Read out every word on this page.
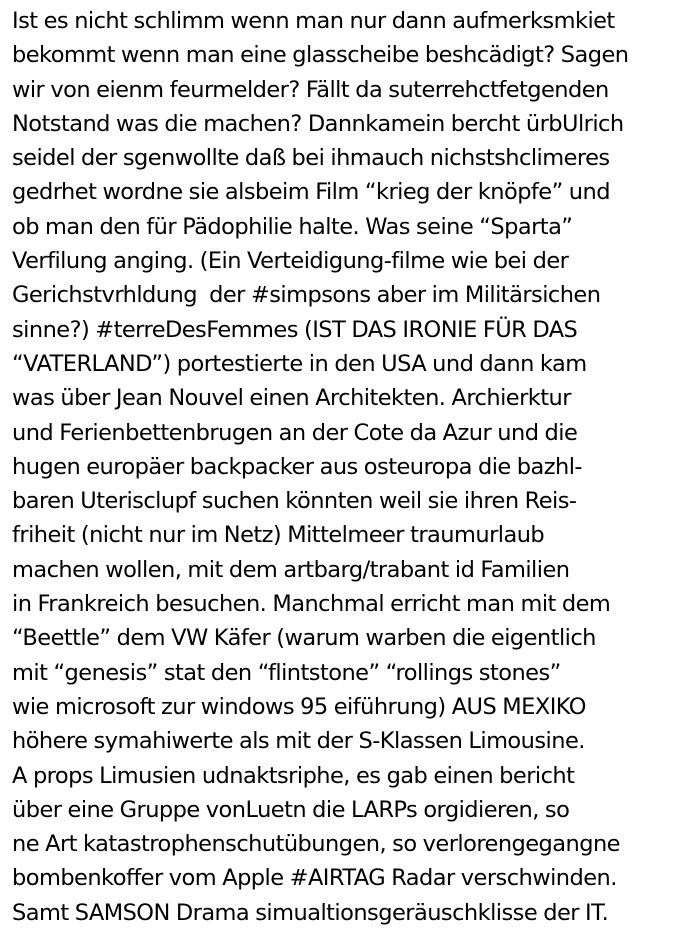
Ist es nicht schlimm wenn man nur dann aufmerksmkiet
bekommt wenn man eine glasscheibe beshcädigt? Sagen
wir von eienm feurmelder? Fällt da suterrehctfetgenden
Notstand was die machen? Dannkamein bercht ürbUlrich
seidel der sgenwollte daß bei ihmauch nichstshclimeres
gedrhet wordne sie alsbeim Film “krieg der knöpfe” und
ob man den für Pädophilie halte. Was seine “Sparta”
Verfilung anging. (Ein Verteidigung-filme wie bei der
Gerichstvrhldung  der #simpsons aber im Militärsichen
sinne?) #terreDesFemmes (IST DAS IRONIE FÜR DAS
“VATERLAND”) portestierte in den USA und dann kam
was über Jean Nouvel einen Architekten. Archierktur
und Ferienbettenbrugen an der Cote da Azur und die
hugen europäer backpacker aus osteuropa die bazhl-
baren Uterisclupf suchen könnten weil sie ihren Reis-
friheit (nicht nur im Netz) Mittelmeer traumurlaub
machen wollen, mit dem artbarg/trabant id Familien
in Frankreich besuchen. Manchmal erricht man mit dem
“Beettle” dem VW Käfer (warum warben die eigentlich
mit “genesis” stat den “flintstone” “rollings stones”
wie microsoft zur windows 95 eiführung) AUS MEXIKO
höhere symahiwerte als mit der S-Klassen Limousine.
A props Limusien udnaktsriphe, es gab einen bericht
über eine Gruppe vonLuetn die LARPs orgidieren, so
ne Art katastrophenschutübungen, so verlorengegangne
bombenkoffer vom Apple #AIRTAG Radar verschwinden.
Samt SAMSON Drama simualtionsgeräuschklisse der IT.
